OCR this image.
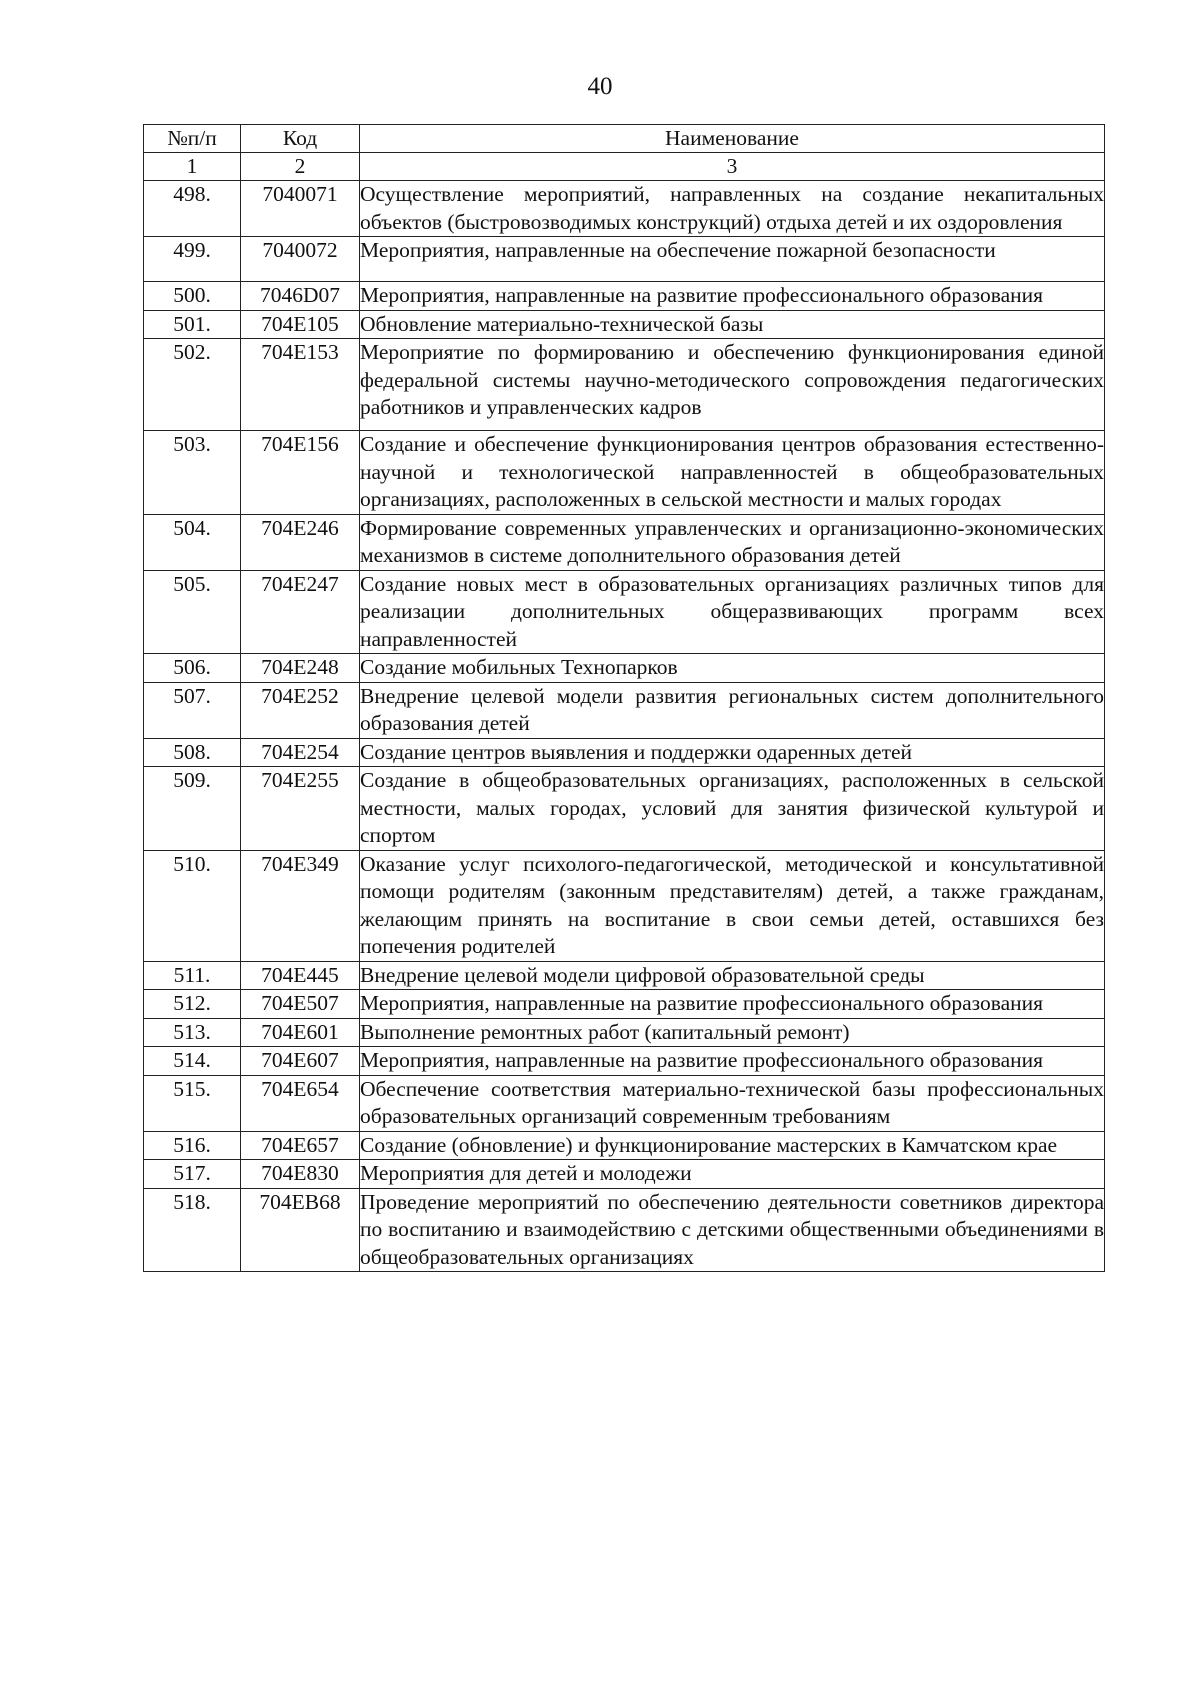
40
№п/п	Код	Наименование
1	2	3
498.	7040071	Осуществление мероприятий, направленных на создание некапитальных объектов (быстровозводимых конструкций) отдыха детей и их оздоровления
499.	7040072	Мероприятия, направленные на обеспечение пожарной безопасности
500.	7046D07	Мероприятия, направленные на развитие профессионального образования
501.	704E105	Обновление материально-технической базы
502.	704E153	Мероприятие по формированию и обеспечению функционирования единой федеральной системы научно-методического сопровождения педагогических работников и управленческих кадров
503.	704E156	Создание и обеспечение функционирования центров образования естественно-научной и технологической направленностей в общеобразовательных организациях, расположенных в сельской местности и малых городах
504.	704E246	Формирование современных управленческих и организационно-экономических механизмов в системе дополнительного образования детей
505.	704E247	Создание новых мест в образовательных организациях различных типов для реализации дополнительных общеразвивающих программ всех направленностей
506.	704E248	Создание мобильных Технопарков
507.	704E252	Внедрение целевой модели развития региональных систем дополнительного образования детей
508.	704E254	Создание центров выявления и поддержки одаренных детей
509.	704E255	Создание в общеобразовательных организациях, расположенных в сельской местности, малых городах, условий для занятия физической культурой и спортом
510.	704E349	Оказание услуг психолого-педагогической, методической и консультативной помощи родителям (законным представителям) детей, а также гражданам, желающим принять на воспитание в свои семьи детей, оставшихся без попечения родителей
511.	704E445	Внедрение целевой модели цифровой образовательной среды
512.	704E507	Мероприятия, направленные на развитие профессионального образования
513.	704E601	Выполнение ремонтных работ (капитальный ремонт)
514.	704E607	Мероприятия, направленные на развитие профессионального образования
515.	704E654	Обеспечение соответствия материально-технической базы профессиональных образовательных организаций современным требованиям
516.	704E657	Создание (обновление) и функционирование мастерских в Камчатском крае
517.	704E830	Мероприятия для детей и молодежи
518.	704EB68	Проведение мероприятий по обеспечению деятельности советников директора по воспитанию и взаимодействию с детскими общественными объединениями в общеобразовательных организациях
